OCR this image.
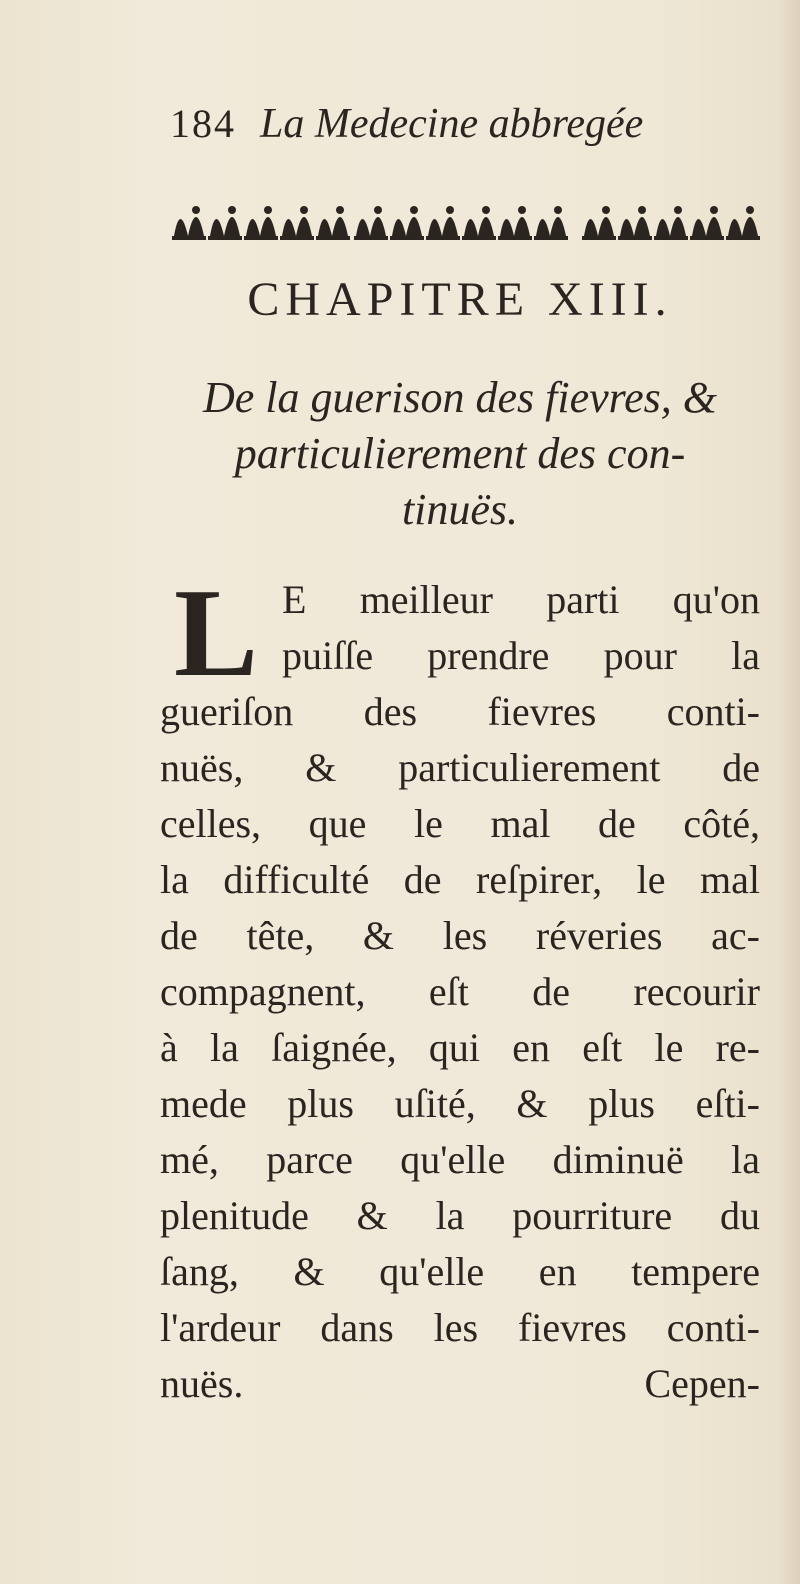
184 La Medecine abbregée
CHAPITRE XIII.
De la guerison des fievres, &
particulierement des con-
tinuës.
L E meilleur parti qu'on
puiſſe prendre pour la
gueriſon des fievres conti-
nuës, & particulierement de
celles, que le mal de côté,
la difficulté de reſpirer, le mal
de tête, & les réveries ac-
compagnent, eſt de recourir
à la ſaignée, qui en eſt le re-
mede plus uſité, & plus eſti-
mé, parce qu'elle diminuë la
plenitude & la pourriture du
ſang, & qu'elle en tempere
l'ardeur dans les fievres conti-
nuës.	Cepen-
